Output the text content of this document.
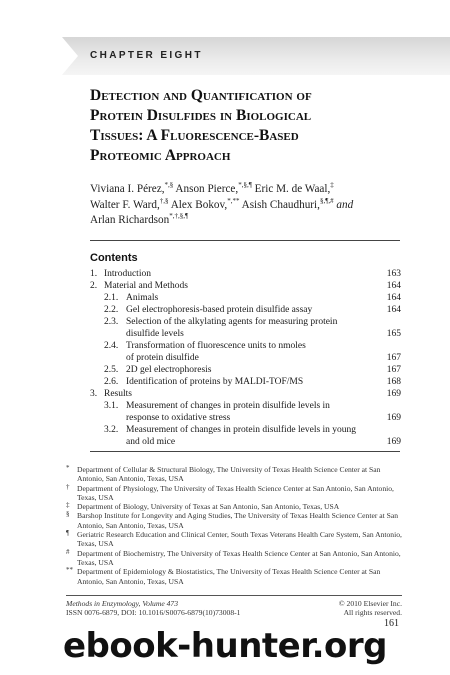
CHAPTER EIGHT
Detection and Quantification of
Protein Disulfides in Biological
Tissues: A Fluorescence-Based
Proteomic Approach
Viviana I. Pérez,*,§ Anson Pierce,*,§,¶ Eric M. de Waal,‡
Walter F. Ward,†,§ Alex Bokov,*,** Asish Chaudhuri,§,¶,# and
Arlan Richardson*,†,§,¶
Contents
1. Introduction	163
2. Material and Methods	164
2.1. Animals	164
2.2. Gel electrophoresis-based protein disulfide assay	164
2.3. Selection of the alkylating agents for measuring protein
disulfide levels	165
2.4. Transformation of fluorescence units to nmoles
of protein disulfide	167
2.5. 2D gel electrophoresis	167
2.6. Identification of proteins by MALDI-TOF/MS	168
3. Results	169
3.1. Measurement of changes in protein disulfide levels in
response to oxidative stress	169
3.2. Measurement of changes in protein disulfide levels in young
and old mice	169
* Department of Cellular & Structural Biology, The University of Texas Health Science Center at San Antonio, San Antonio, Texas, USA
† Department of Physiology, The University of Texas Health Science Center at San Antonio, San Antonio, Texas, USA
‡ Department of Biology, University of Texas at San Antonio, San Antonio, Texas, USA
§ Barshop Institute for Longevity and Aging Studies, The University of Texas Health Science Center at San Antonio, San Antonio, Texas, USA
¶	Geriatric Research Education and Clinical Center, South Texas Veterans Health Care System, San Antonio, Texas, USA
# Department of Biochemistry, The University of Texas Health Science Center at San Antonio, San Antonio, Texas, USA
** Department of Epidemiology & Biostatistics, The University of Texas Health Science Center at San Antonio, San Antonio, Texas, USA
Methods in Enzymology, Volume 473	© 2010 Elsevier Inc.
ISSN 0076-6879, DOI: 10.1016/S0076-6879(10)73008-1	All rights reserved.
161
ebook-hunter.org
